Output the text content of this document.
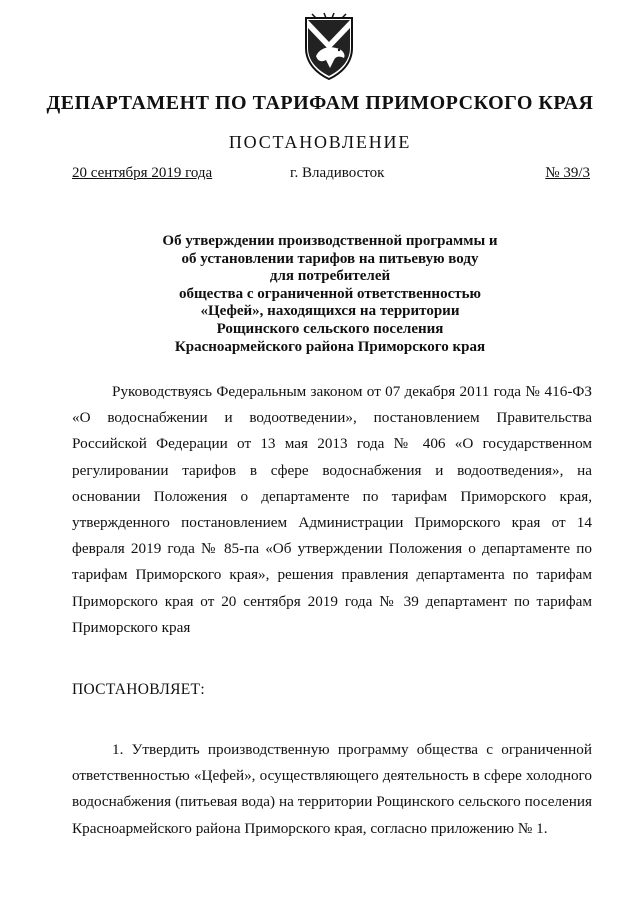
ДЕПАРТАМЕНТ ПО ТАРИФАМ ПРИМОРСКОГО КРАЯ
ПОСТАНОВЛЕНИЕ
20 сентября 2019 года	г. Владивосток	№ 39/3
Об утверждении производственной программы и
об установлении тарифов на питьевую воду
для потребителей
общества с ограниченной ответственностью
«Цефей», находящихся на территории
Рощинского сельского поселения
Красноармейского района Приморского края
Руководствуясь Федеральным законом от 07 декабря 2011 года № 416-ФЗ «О водоснабжении и водоотведении», постановлением Правительства Российской Федерации от 13 мая 2013 года № 406 «О государственном регулировании тарифов в сфере водоснабжения и водоотведения», на основании Положения о департаменте по тарифам Приморского края, утвержденного постановлением Администрации Приморского края от 14 февраля 2019 года № 85-па «Об утверждении Положения о департаменте по тарифам Приморского края», решения правления департамента по тарифам Приморского края от 20 сентября 2019 года № 39 департамент по тарифам Приморского края
ПОСТАНОВЛЯЕТ:
1. Утвердить производственную программу общества с ограниченной ответственностью «Цефей», осуществляющего деятельность в сфере холодного водоснабжения (питьевая вода) на территории Рощинского сельского поселения Красноармейского района Приморского края, согласно приложению № 1.
